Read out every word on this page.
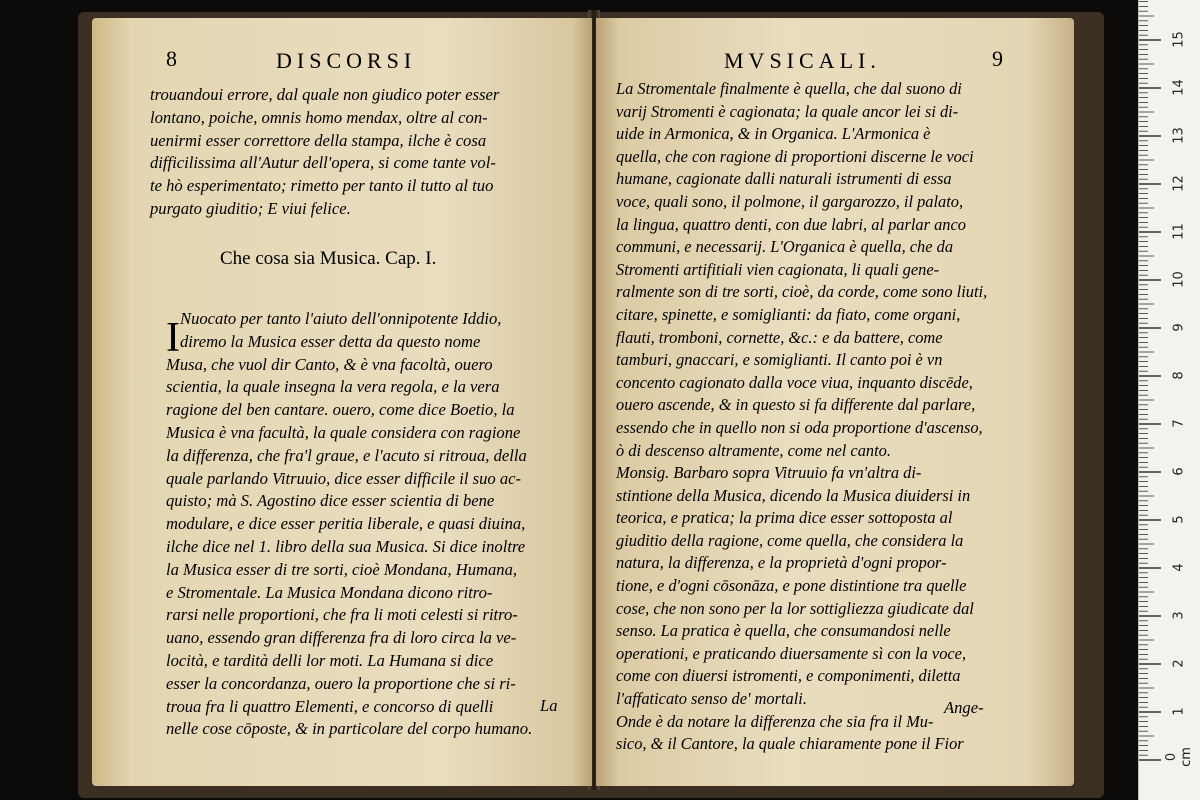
8	DISCORSI
trouandoui errore, dal quale non giudico poter esser
lontano, poiche, omnis homo mendax, oltre al con-
uenirmi esser correttore della stampa, ilche è cosa
difficilissima all'Autur dell'opera, si come tante vol-
te hò esperimentato; rimetto per tanto il tutto al tuo
purgato giuditio; E viui felice.
Che cosa sia Musica. Cap. I.
I Nuocato per tanto l'aiuto dell'onnipotente Iddio,
diremo la Musica esser detta da questo nome
Musa, che vuol dir Canto, & è vna facoltà, ouero
scientia, la quale insegna la vera regola, e la vera
ragione del ben cantare. ouero, come dice Boetio, la
Musica è vna facultà, la quale considera con ragione
la differenza, che fra'l graue, e l'acuto si ritroua, della
quale parlando Vitruuio, dice esser difficile il suo ac-
quisto; mà S. Agostino dice esser scientia di bene
modulare, e dice esser peritia liberale, e quasi diuina,
ilche dice nel 1. libro della sua Musica. Si dice inoltre
la Musica esser di tre sorti, cioè Mondana, Humana,
e Stromentale. La Musica Mondana dicono ritro-
rarsi nelle proportioni, che fra li moti celesti si ritro-
uano, essendo gran differenza fra di loro circa la ve-
locità, e tardità delli lor moti. La Humana si dice
esser la concordanza, ouero la proportione che si ri-
troua fra li quattro Elementi, e concorso di quelli
nelle cose cōposte, & in particolare del corpo humano.
La
MVSICALI.	9
La Stromentale finalmente è quella, che dal suono di
varij Stromenti è cagionata; la quale ancor lei si di-
uide in Armonica, & in Organica. L'Armonica è
quella, che con ragione di proportioni discerne le voci
humane, cagionate dalli naturali istrumenti di essa
voce, quali sono, il polmone, il gargarozzo, il palato,
la lingua, quattro denti, con due labri, al parlar anco
communi, e necessarij. L'Organica è quella, che da
Stromenti artifitiali vien cagionata, li quali gene-
ralmente son di tre sorti, cioè, da corde, come sono liuti,
citare, spinette, e somiglianti: da fiato, come organi,
flauti, tromboni, cornette, &c.: e da battere, come
tamburi, gnaccari, e somiglianti. Il canto poi è vn
concento cagionato dalla voce viua, inquanto discēde,
ouero ascende, & in questo si fa differente dal parlare,
essendo che in quello non si oda proportione d'ascenso,
ò di descenso altramente, come nel canto.
Monsig. Barbaro sopra Vitruuio fa vn'altra di-
stintione della Musica, dicendo la Musica diuidersi in
teorica, e pratica; la prima dice esser sottoposta al
giuditio della ragione, come quella, che considera la
natura, la differenza, e la proprietà d'ogni propor-
tione, e d'ogni cōsonāza, e pone distintione tra quelle
cose, che non sono per la lor sottigliezza giudicate dal
senso. La pratica è quella, che consumandosi nelle
operationi, e praticando diuersamente sì con la voce,
come con diuersi istromenti, e componimenti, diletta
l'affaticato senso de' mortali.
Onde è da notare la differenza che sia fra il Mu-
sico, & il Cantore, la quale chiaramente pone il Fior
Ange-
0 cm
1
2
3
4
5
6
7
8
9
10
11
12
13
14
15
